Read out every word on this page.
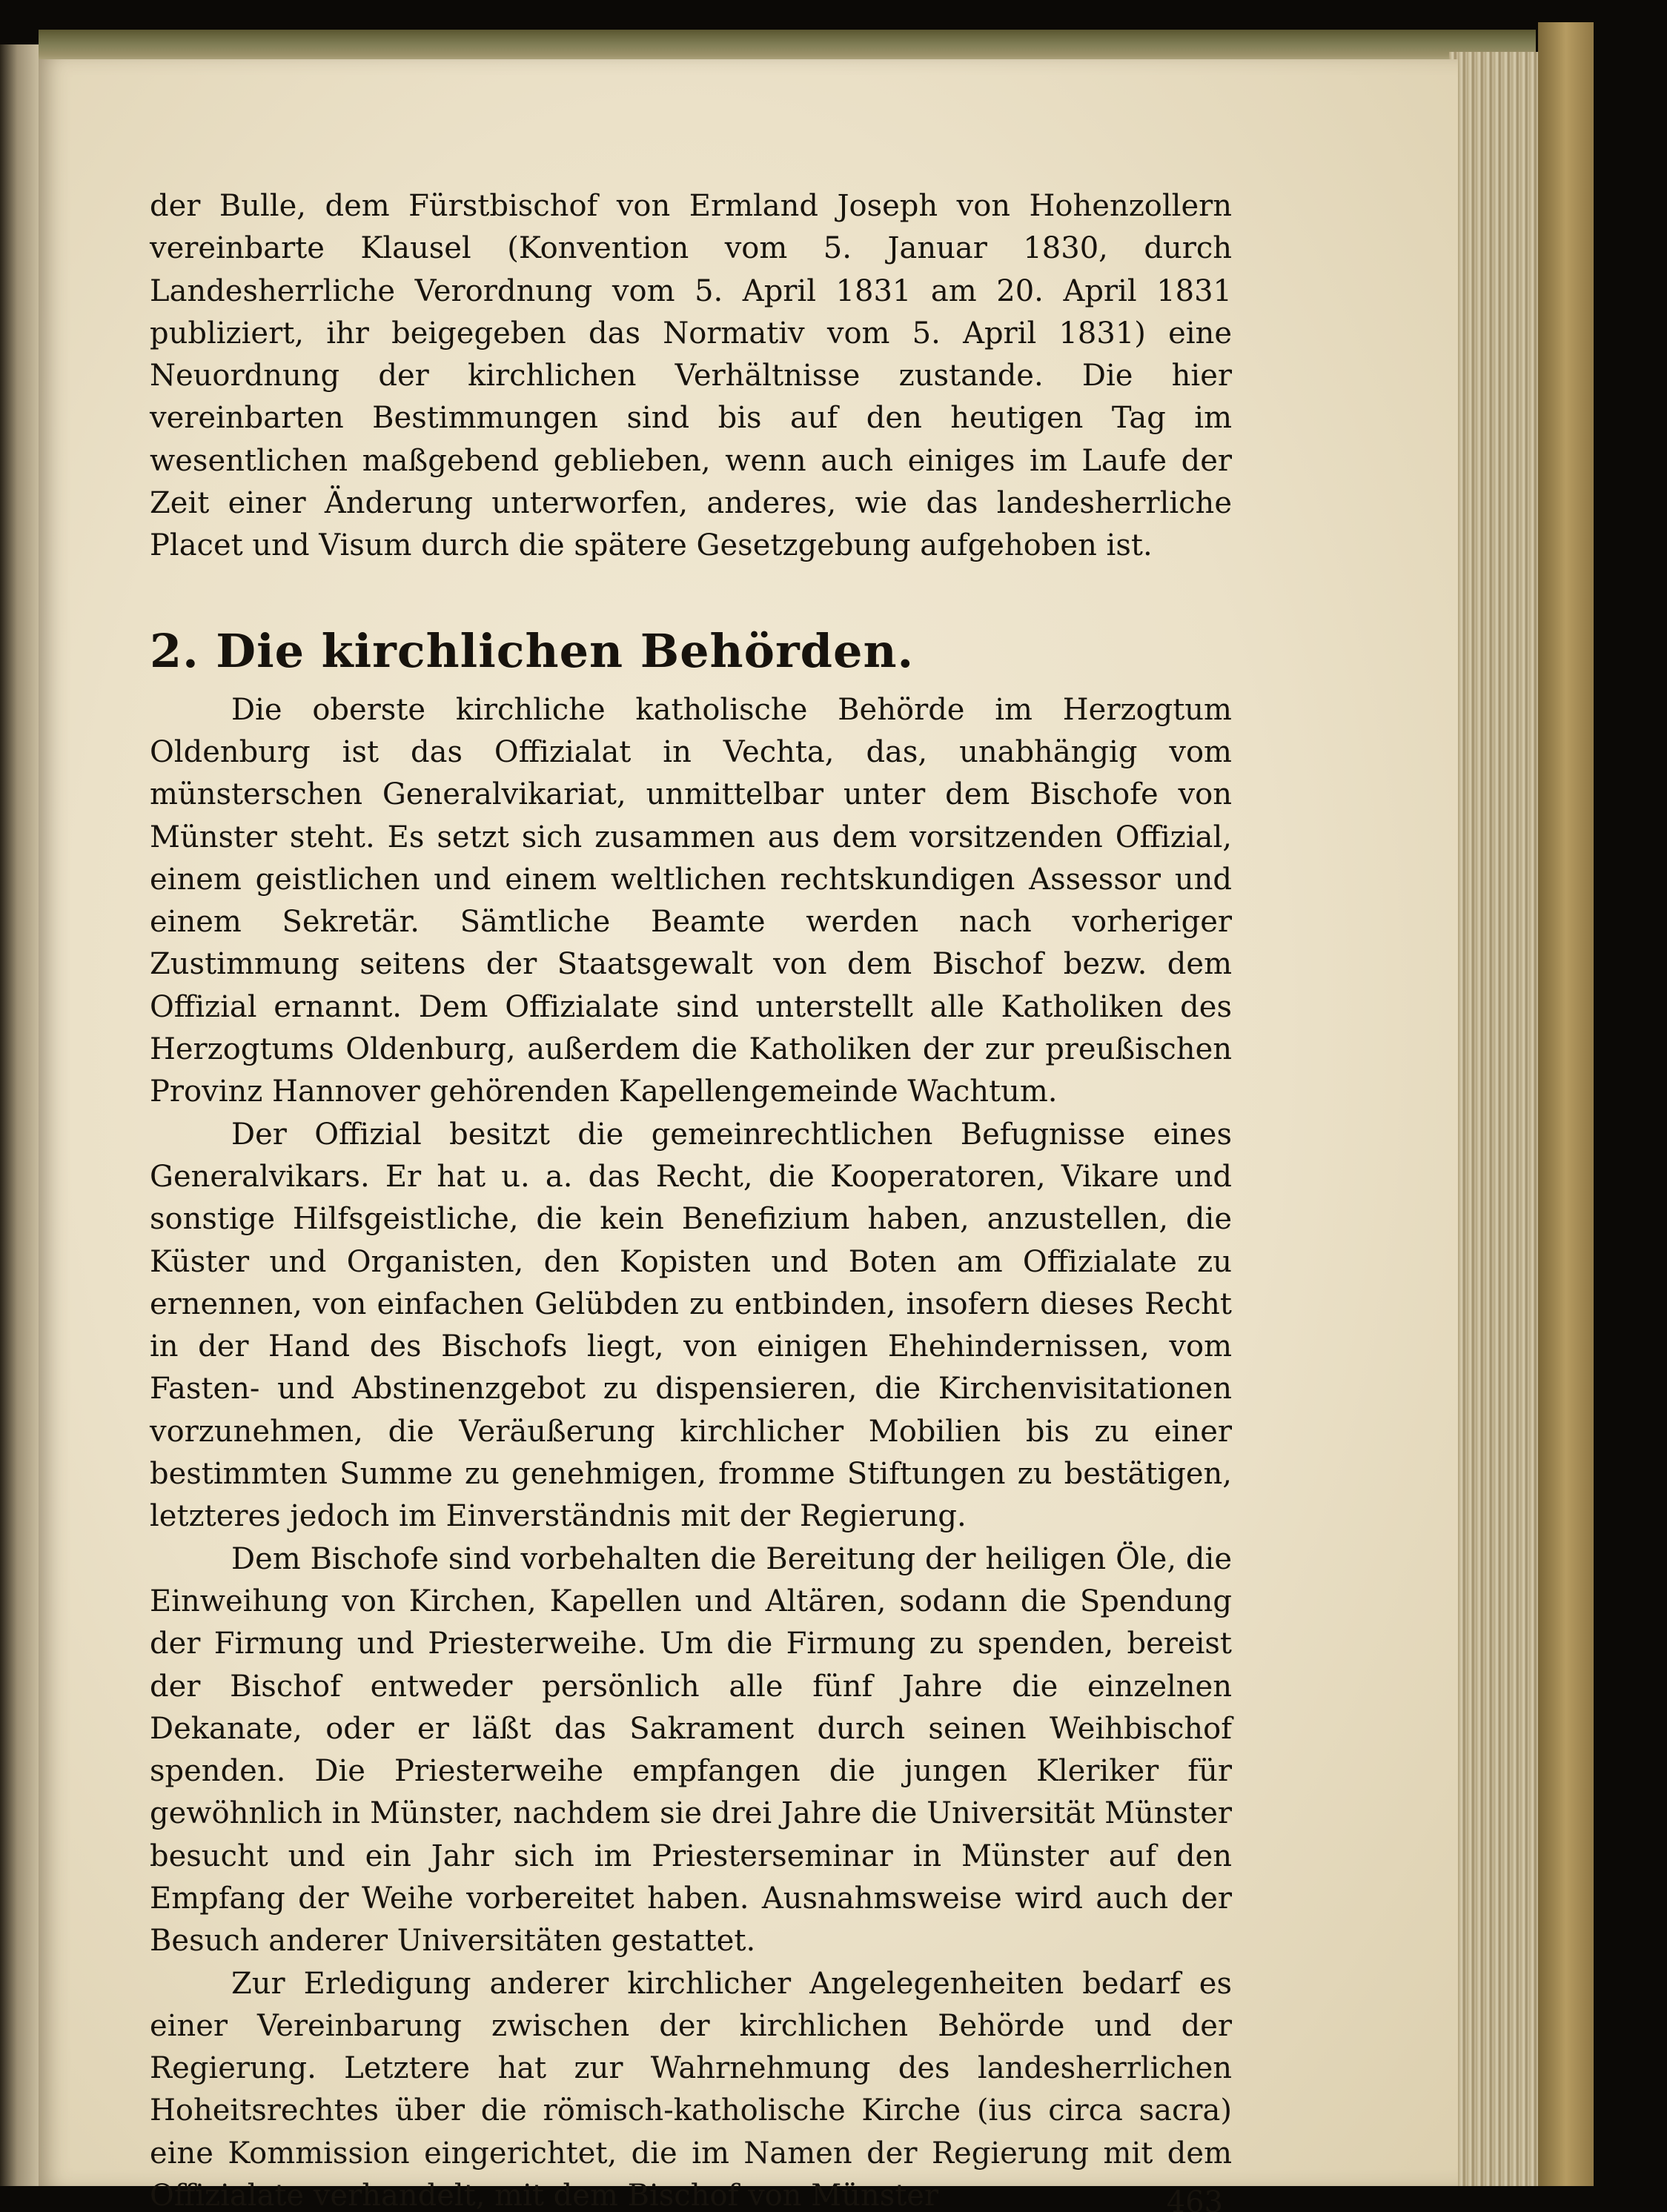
der Bulle, dem Fürstbischof von Ermland Joseph von Hohenzollern vereinbarte Klausel (Konvention vom 5. Januar 1830, durch Landesherrliche Verordnung vom 5. April 1831 am 20. April 1831 publiziert, ihr beigegeben das Normativ vom 5. April 1831) eine Neuordnung der kirchlichen Verhältnisse zustande. Die hier vereinbarten Bestimmungen sind bis auf den heutigen Tag im wesentlichen maßgebend geblieben, wenn auch einiges im Laufe der Zeit einer Änderung unterworfen, anderes, wie das landesherrliche Placet und Visum durch die spätere Gesetzgebung aufgehoben ist.

2. Die kirchlichen Behörden.

Die oberste kirchliche katholische Behörde im Herzogtum Oldenburg ist das Offizialat in Vechta, das, unabhängig vom münsterschen Generalvikariat, unmittelbar unter dem Bischofe von Münster steht. Es setzt sich zusammen aus dem vorsitzenden Offizial, einem geistlichen und einem weltlichen rechtskundigen Assessor und einem Sekretär. Sämtliche Beamte werden nach vorheriger Zustimmung seitens der Staatsgewalt von dem Bischof bezw. dem Offizial ernannt. Dem Offizialate sind unterstellt alle Katholiken des Herzogtums Oldenburg, außerdem die Katholiken der zur preußischen Provinz Hannover gehörenden Kapellengemeinde Wachtum.

Der Offizial besitzt die gemeinrechtlichen Befugnisse eines Generalvikars. Er hat u. a. das Recht, die Kooperatoren, Vikare und sonstige Hilfsgeistliche, die kein Benefizium haben, anzustellen, die Küster und Organisten, den Kopisten und Boten am Offizialate zu ernennen, von einfachen Gelübden zu entbinden, insofern dieses Recht in der Hand des Bischofs liegt, von einigen Ehehindernissen, vom Fasten- und Abstinenzgebot zu dispensieren, die Kirchenvisitationen vorzunehmen, die Veräußerung kirchlicher Mobilien bis zu einer bestimmten Summe zu genehmigen, fromme Stiftungen zu bestätigen, letzteres jedoch im Einverständnis mit der Regierung.

Dem Bischofe sind vorbehalten die Bereitung der heiligen Öle, die Einweihung von Kirchen, Kapellen und Altären, sodann die Spendung der Firmung und Priesterweihe. Um die Firmung zu spenden, bereist der Bischof entweder persönlich alle fünf Jahre die einzelnen Dekanate, oder er läßt das Sakrament durch seinen Weihbischof spenden. Die Priesterweihe empfangen die jungen Kleriker für gewöhnlich in Münster, nachdem sie drei Jahre die Universität Münster besucht und ein Jahr sich im Priesterseminar in Münster auf den Empfang der Weihe vorbereitet haben. Ausnahmsweise wird auch der Besuch anderer Universitäten gestattet.

Zur Erledigung anderer kirchlicher Angelegenheiten bedarf es einer Vereinbarung zwischen der kirchlichen Behörde und der Regierung. Letztere hat zur Wahrnehmung des landesherrlichen Hoheitsrechtes über die römisch-katholische Kirche (ius circa sacra) eine Kommission eingerichtet, die im Namen der Regierung mit dem Offizialate verhandelt, mit dem Bischof von Münster	463
